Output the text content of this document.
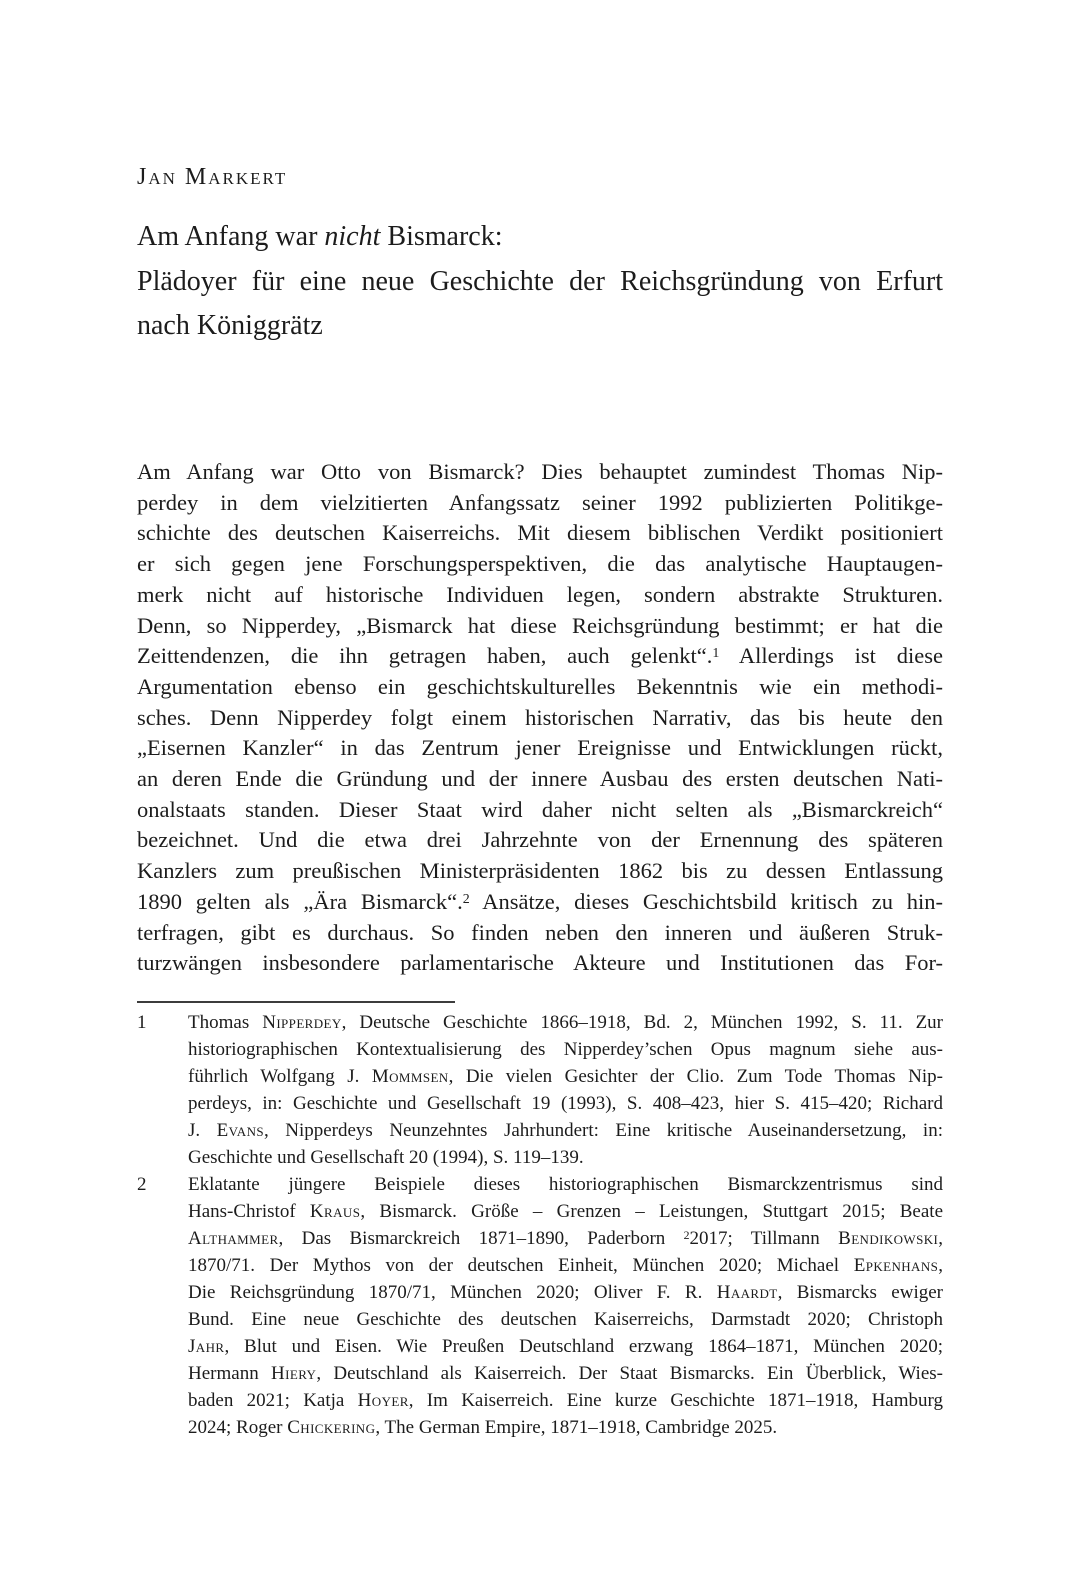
Jan Markert
Am Anfang war nicht Bismarck:
Plädoyer für eine neue Geschichte der Reichsgründung von Erfurt
nach Königgrätz
Am Anfang war Otto von Bismarck? Dies behauptet zumindest Thomas Nip-
perdey in dem vielzitierten Anfangssatz seiner 1992 publizierten Politikge-
schichte des deutschen Kaiserreichs. Mit diesem biblischen Verdikt positioniert
er sich gegen jene Forschungsperspektiven, die das analytische Hauptaugen-
merk nicht auf historische Individuen legen, sondern abstrakte Strukturen.
Denn, so Nipperdey, „Bismarck hat diese Reichsgründung bestimmt; er hat die
Zeittendenzen, die ihn getragen haben, auch gelenkt“.$^1$ Allerdings ist diese
Argumentation ebenso ein geschichtskulturelles Bekenntnis wie ein methodi-
sches. Denn Nipperdey folgt einem historischen Narrativ, das bis heute den
„Eisernen Kanzler“ in das Zentrum jener Ereignisse und Entwicklungen rückt,
an deren Ende die Gründung und der innere Ausbau des ersten deutschen Nati-
onalstaats standen. Dieser Staat wird daher nicht selten als „Bismarckreich“
bezeichnet. Und die etwa drei Jahrzehnte von der Ernennung des späteren
Kanzlers zum preußischen Ministerpräsidenten 1862 bis zu dessen Entlassung
1890 gelten als „Ära Bismarck“.$^2$ Ansätze, dieses Geschichtsbild kritisch zu hin-
terfragen, gibt es durchaus. So finden neben den inneren und äußeren Struk-
turzwängen insbesondere parlamentarische Akteure und Institutionen das For-
1 Thomas Nipperdey, Deutsche Geschichte 1866–1918, Bd. 2, München 1992, S. 11. Zur
historiographischen Kontextualisierung des Nipperdey’schen Opus magnum siehe aus-
führlich Wolfgang J. Mommsen, Die vielen Gesichter der Clio. Zum Tode Thomas Nip-
perdeys, in: Geschichte und Gesellschaft 19 (1993), S. 408–423, hier S. 415–420; Richard
J. Evans, Nipperdeys Neunzehntes Jahrhundert: Eine kritische Auseinandersetzung, in:
Geschichte und Gesellschaft 20 (1994), S. 119–139.
2 Eklatante jüngere Beispiele dieses historiographischen Bismarckzentrismus sind
Hans-Christof Kraus, Bismarck. Größe – Grenzen – Leistungen, Stuttgart 2015; Beate
Althammer, Das Bismarckreich 1871–1890, Paderborn $^2$2017; Tillmann Bendikowski,
1870/71. Der Mythos von der deutschen Einheit, München 2020; Michael Epkenhans,
Die Reichsgründung 1870/71, München 2020; Oliver F. R. Haardt, Bismarcks ewiger
Bund. Eine neue Geschichte des deutschen Kaiserreichs, Darmstadt 2020; Christoph
Jahr, Blut und Eisen. Wie Preußen Deutschland erzwang 1864–1871, München 2020;
Hermann Hiery, Deutschland als Kaiserreich. Der Staat Bismarcks. Ein Überblick, Wies-
baden 2021; Katja Hoyer, Im Kaiserreich. Eine kurze Geschichte 1871–1918, Hamburg
2024; Roger Chickering, The German Empire, 1871–1918, Cambridge 2025.
